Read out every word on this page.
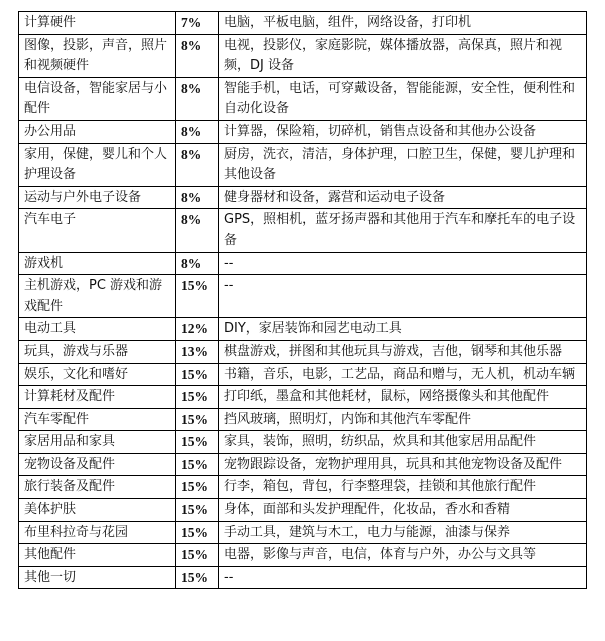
计算硬件	7%	电脑，平板电脑，组件，网络设备，打印机
图像，投影，声音，照片和视频硬件	8%	电视，投影仪，家庭影院，媒体播放器，高保真，照片和视频，DJ 设备
电信设备，智能家居与小配件	8%	智能手机，电话，可穿戴设备，智能能源，安全性，便利性和自动化设备
办公用品	8%	计算器，保险箱，切碎机，销售点设备和其他办公设备
家用，保健，婴儿和个人护理设备	8%	厨房，洗衣，清洁，身体护理，口腔卫生，保健，婴儿护理和其他设备
运动与户外电子设备	8%	健身器材和设备，露营和运动电子设备
汽车电子	8%	GPS，照相机，蓝牙扬声器和其他用于汽车和摩托车的电子设备
游戏机	8%	--
主机游戏，PC 游戏和游戏配件	15%	--
电动工具	12%	DIY，家居装饰和园艺电动工具
玩具，游戏与乐器	13%	棋盘游戏，拼图和其他玩具与游戏，吉他，钢琴和其他乐器
娱乐，文化和嗜好	15%	书籍，音乐，电影，工艺品，商品和赠与，无人机，机动车辆
计算耗材及配件	15%	打印纸，墨盒和其他耗材，鼠标，网络摄像头和其他配件
汽车零配件	15%	挡风玻璃，照明灯，内饰和其他汽车零配件
家居用品和家具	15%	家具，装饰，照明，纺织品，炊具和其他家居用品配件
宠物设备及配件	15%	宠物跟踪设备，宠物护理用具，玩具和其他宠物设备及配件
旅行装备及配件	15%	行李，箱包，背包，行李整理袋，挂锁和其他旅行配件
美体护肤	15%	身体，面部和头发护理配件，化妆品，香水和香精
布里科拉奇与花园	15%	手动工具，建筑与木工，电力与能源，油漆与保养
其他配件	15%	电器，影像与声音，电信，体育与户外，办公与文具等
其他一切	15%	--
